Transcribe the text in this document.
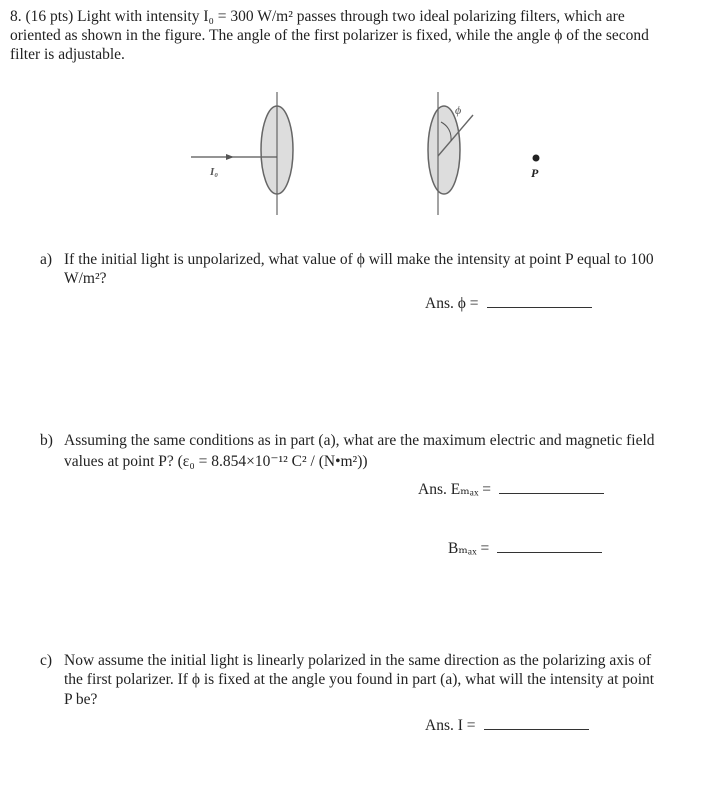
8. (16 pts) Light with intensity I₀ = 300 W/m² passes through two ideal polarizing filters, which are
oriented as shown in the figure. The angle of the first polarizer is fixed, while the angle ϕ of the second
filter is adjustable.
I₀
ϕ
P
a) If the initial light is unpolarized, what value of ϕ will make the intensity at point P equal to 100
W/m²?
Ans. ϕ =
b) Assuming the same conditions as in part (a), what are the maximum electric and magnetic field
values at point P? (ε₀ = 8.854×10⁻¹² C² / (N•m²))
Ans. Eₘₐₓ =
Bₘₐₓ =
c) Now assume the initial light is linearly polarized in the same direction as the polarizing axis of
the first polarizer. If ϕ is fixed at the angle you found in part (a), what will the intensity at point
P be?
Ans. I =
